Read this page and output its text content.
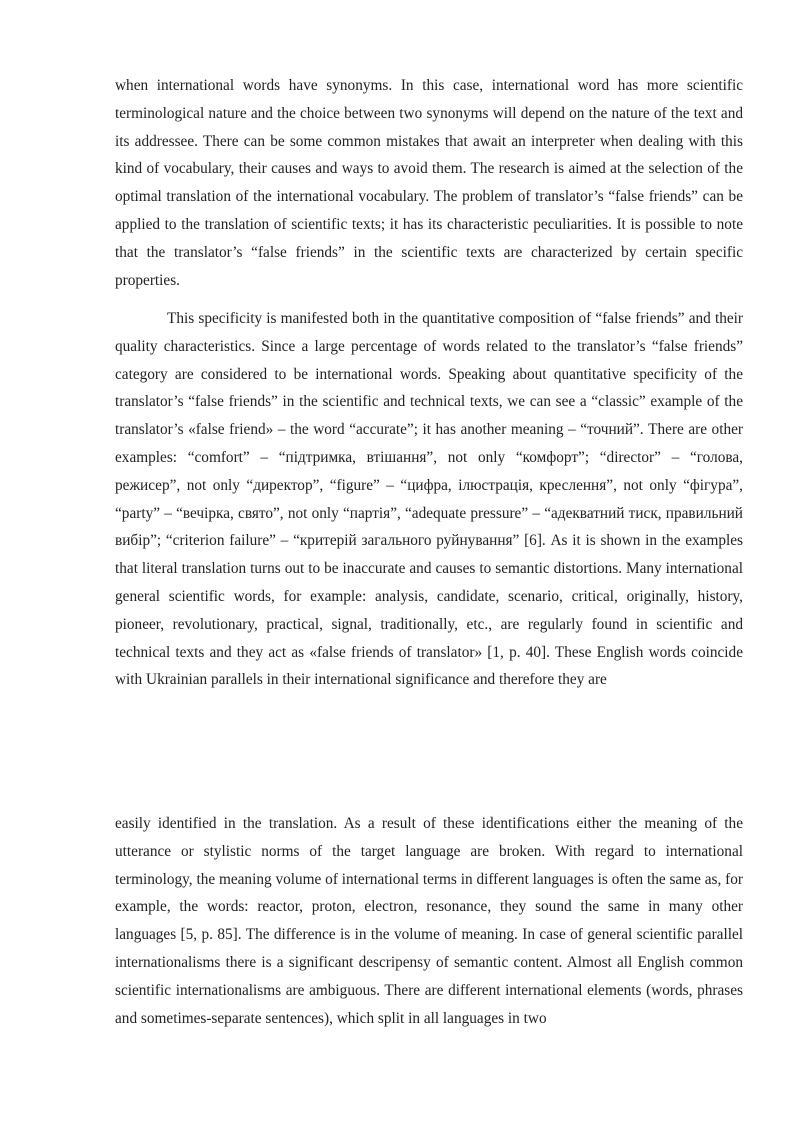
when international words have synonyms. In this case, international word has more scientific terminological nature and the choice between two synonyms will depend on the nature of the text and its addressee. There can be some common mistakes that await an interpreter when dealing with this kind of vocabulary, their causes and ways to avoid them. The research is aimed at the selection of the optimal translation of the international vocabulary. The problem of translator’s “false friends” can be applied to the translation of scientific texts; it has its characteristic peculiarities. It is possible to note that the translator’s “false friends” in the scientific texts are characterized by certain specific properties.

This specificity is manifested both in the quantitative composition of “false friends” and their quality characteristics. Since a large percentage of words related to the translator’s “false friends” category are considered to be international words. Speaking about quantitative specificity of the translator’s “false friends” in the scientific and technical texts, we can see a “classic” example of the translator’s «false friend» – the word “accurate”; it has another meaning – “точний”. There are other examples: “comfort” – “підтримка, втішання”, not only “комфорт”; “director” – “голова, режисер”, not only “директор”, “figure” – “цифра, ілюстрація, креслення”, not only “фігура”, “party” – “вечірка, свято”, not only “партія”, “adequate pressure” – “адекватний тиск, правильний вибір”; “criterion failure” – “критерій загального руйнування” [6]. As it is shown in the examples that literal translation turns out to be inaccurate and causes to semantic distortions. Many international general scientific words, for example: analysis, candidate, scenario, critical, originally, history, pioneer, revolutionary, practical, signal, traditionally, etc., are regularly found in scientific and technical texts and they act as «false friends of translator» [1, p. 40]. These English words coincide with Ukrainian parallels in their international significance and therefore they are

easily identified in the translation. As a result of these identifications either the meaning of the utterance or stylistic norms of the target language are broken. With regard to international terminology, the meaning volume of international terms in different languages is often the same as, for example, the words: reactor, proton, electron, resonance, they sound the same in many other languages [5, p. 85]. The difference is in the volume of meaning. In case of general scientific parallel internationalisms there is a significant descripensy of semantic content. Almost all English common scientific internationalisms are ambiguous. There are different international elements (words, phrases and sometimes-separate sentences), which split in all languages in two
